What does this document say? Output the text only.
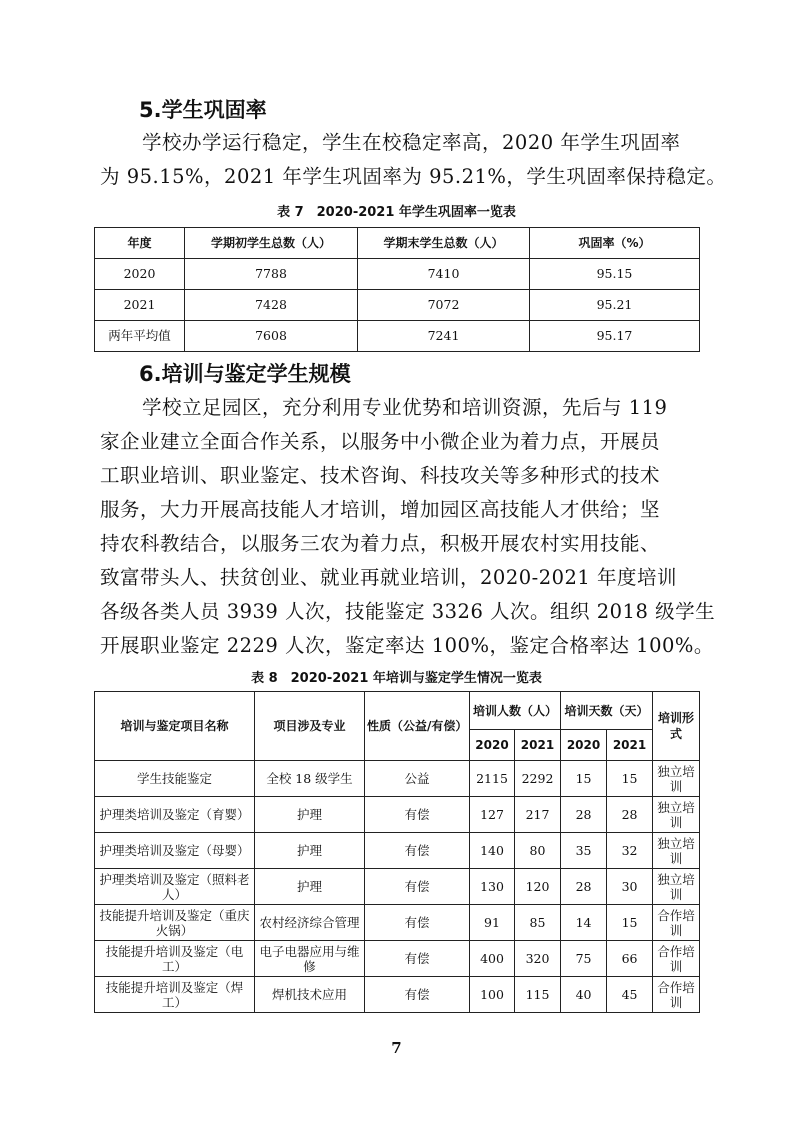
5.学生巩固率

学校办学运行稳定，学生在校稳定率高，2020 年学生巩固率
为 95.15%，2021 年学生巩固率为 95.21%，学生巩固率保持稳定。

表 7　2020-2021 年学生巩固率一览表

年度	学期初学生总数（人）	学期末学生总数（人）	巩固率（%）
2020	7788	7410	95.15
2021	7428	7072	95.21
两年平均值	7608	7241	95.17
6.培训与鉴定学生规模

学校立足园区，充分利用专业优势和培训资源，先后与 119
家企业建立全面合作关系，以服务中小微企业为着力点，开展员
工职业培训、职业鉴定、技术咨询、科技攻关等多种形式的技术
服务，大力开展高技能人才培训，增加园区高技能人才供给；坚
持农科教结合，以服务三农为着力点，积极开展农村实用技能、
致富带头人、扶贫创业、就业再就业培训，2020-2021 年度培训
各级各类人员 3939 人次，技能鉴定 3326 人次。组织 2018 级学生
开展职业鉴定 2229 人次，鉴定率达 100%，鉴定合格率达 100%。

表 8　2020-2021 年培训与鉴定学生情况一览表

培训与鉴定项目名称	项目涉及专业	性质（公益/有偿）	培训人数（人）		培训天数（天）		培训形式
			2020	2021	2020	2021	
学生技能鉴定	全校 18 级学生	公益	2115	2292	15	15	独立培训
护理类培训及鉴定（育婴）	护理	有偿	127	217	28	28	独立培训
护理类培训及鉴定（母婴）	护理	有偿	140	80	35	32	独立培训
护理类培训及鉴定（照料老人）	护理	有偿	130	120	28	30	独立培训
技能提升培训及鉴定（重庆火锅）	农村经济综合管理	有偿	91	85	14	15	合作培训
技能提升培训及鉴定（电工）	电子电器应用与维修	有偿	400	320	75	66	合作培训
技能提升培训及鉴定（焊工）	焊机技术应用	有偿	100	115	40	45	合作培训

7
